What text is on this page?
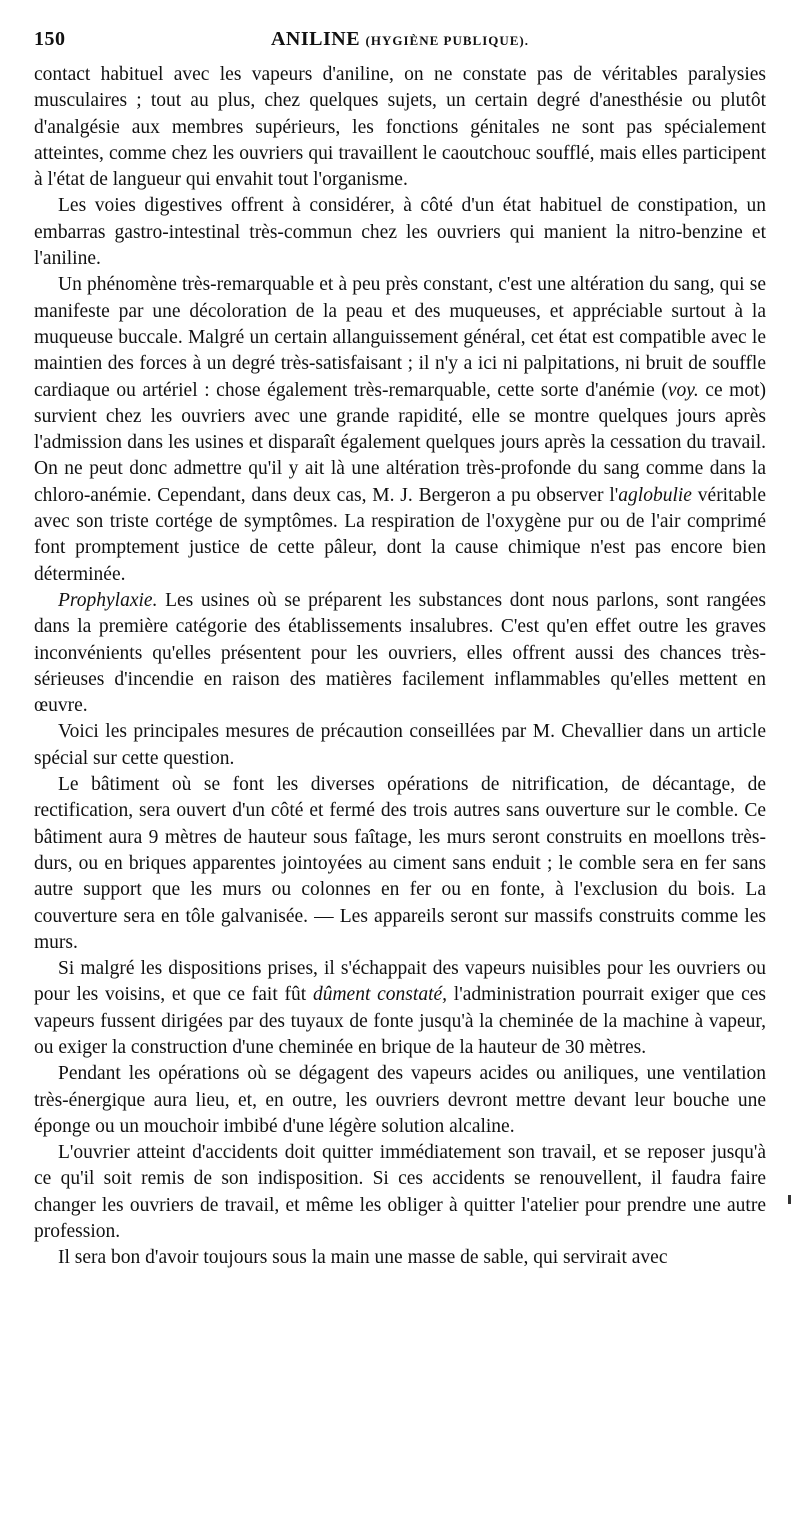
150	ANILINE (HYGIÈNE PUBLIQUE).

contact habituel avec les vapeurs d'aniline, on ne constate pas de véritables paralysies musculaires ; tout au plus, chez quelques sujets, un certain degré d'anesthésie ou plutôt d'analgésie aux membres supérieurs, les fonctions génitales ne sont pas spécialement atteintes, comme chez les ouvriers qui travaillent le caoutchouc soufflé, mais elles participent à l'état de langueur qui envahit tout l'organisme.

Les voies digestives offrent à considérer, à côté d'un état habituel de constipation, un embarras gastro-intestinal très-commun chez les ouvriers qui manient la nitro-benzine et l'aniline.

Un phénomène très-remarquable et à peu près constant, c'est une altération du sang, qui se manifeste par une décoloration de la peau et des muqueuses, et appréciable surtout à la muqueuse buccale. Malgré un certain allanguissement général, cet état est compatible avec le maintien des forces à un degré très-satisfaisant ; il n'y a ici ni palpitations, ni bruit de souffle cardiaque ou artériel : chose également très-remarquable, cette sorte d'anémie (voy. ce mot) survient chez les ouvriers avec une grande rapidité, elle se montre quelques jours après l'admission dans les usines et disparaît également quelques jours après la cessation du travail. On ne peut donc admettre qu'il y ait là une altération très-profonde du sang comme dans la chloro-anémie. Cependant, dans deux cas, M. J. Bergeron a pu observer l'aglobulie véritable avec son triste cortége de symptômes. La respiration de l'oxygène pur ou de l'air comprimé font promptement justice de cette pâleur, dont la cause chimique n'est pas encore bien déterminée.

Prophylaxie. Les usines où se préparent les substances dont nous parlons, sont rangées dans la première catégorie des établissements insalubres. C'est qu'en effet outre les graves inconvénients qu'elles présentent pour les ouvriers, elles offrent aussi des chances très-sérieuses d'incendie en raison des matières facilement inflammables qu'elles mettent en œuvre.

Voici les principales mesures de précaution conseillées par M. Chevallier dans un article spécial sur cette question.

Le bâtiment où se font les diverses opérations de nitrification, de décantage, de rectification, sera ouvert d'un côté et fermé des trois autres sans ouverture sur le comble. Ce bâtiment aura 9 mètres de hauteur sous faîtage, les murs seront construits en moellons très-durs, ou en briques apparentes jointoyées au ciment sans enduit ; le comble sera en fer sans autre support que les murs ou colonnes en fer ou en fonte, à l'exclusion du bois. La couverture sera en tôle galvanisée. — Les appareils seront sur massifs construits comme les murs.

Si malgré les dispositions prises, il s'échappait des vapeurs nuisibles pour les ouvriers ou pour les voisins, et que ce fait fût dûment constaté, l'administration pourrait exiger que ces vapeurs fussent dirigées par des tuyaux de fonte jusqu'à la cheminée de la machine à vapeur, ou exiger la construction d'une cheminée en brique de la hauteur de 30 mètres.

Pendant les opérations où se dégagent des vapeurs acides ou aniliques, une ventilation très-énergique aura lieu, et, en outre, les ouvriers devront mettre devant leur bouche une éponge ou un mouchoir imbibé d'une légère solution alcaline.

L'ouvrier atteint d'accidents doit quitter immédiatement son travail, et se reposer jusqu'à ce qu'il soit remis de son indisposition. Si ces accidents se renouvellent, il faudra faire changer les ouvriers de travail, et même les obliger à quitter l'atelier pour prendre une autre profession.

Il sera bon d'avoir toujours sous la main une masse de sable, qui servirait avec
